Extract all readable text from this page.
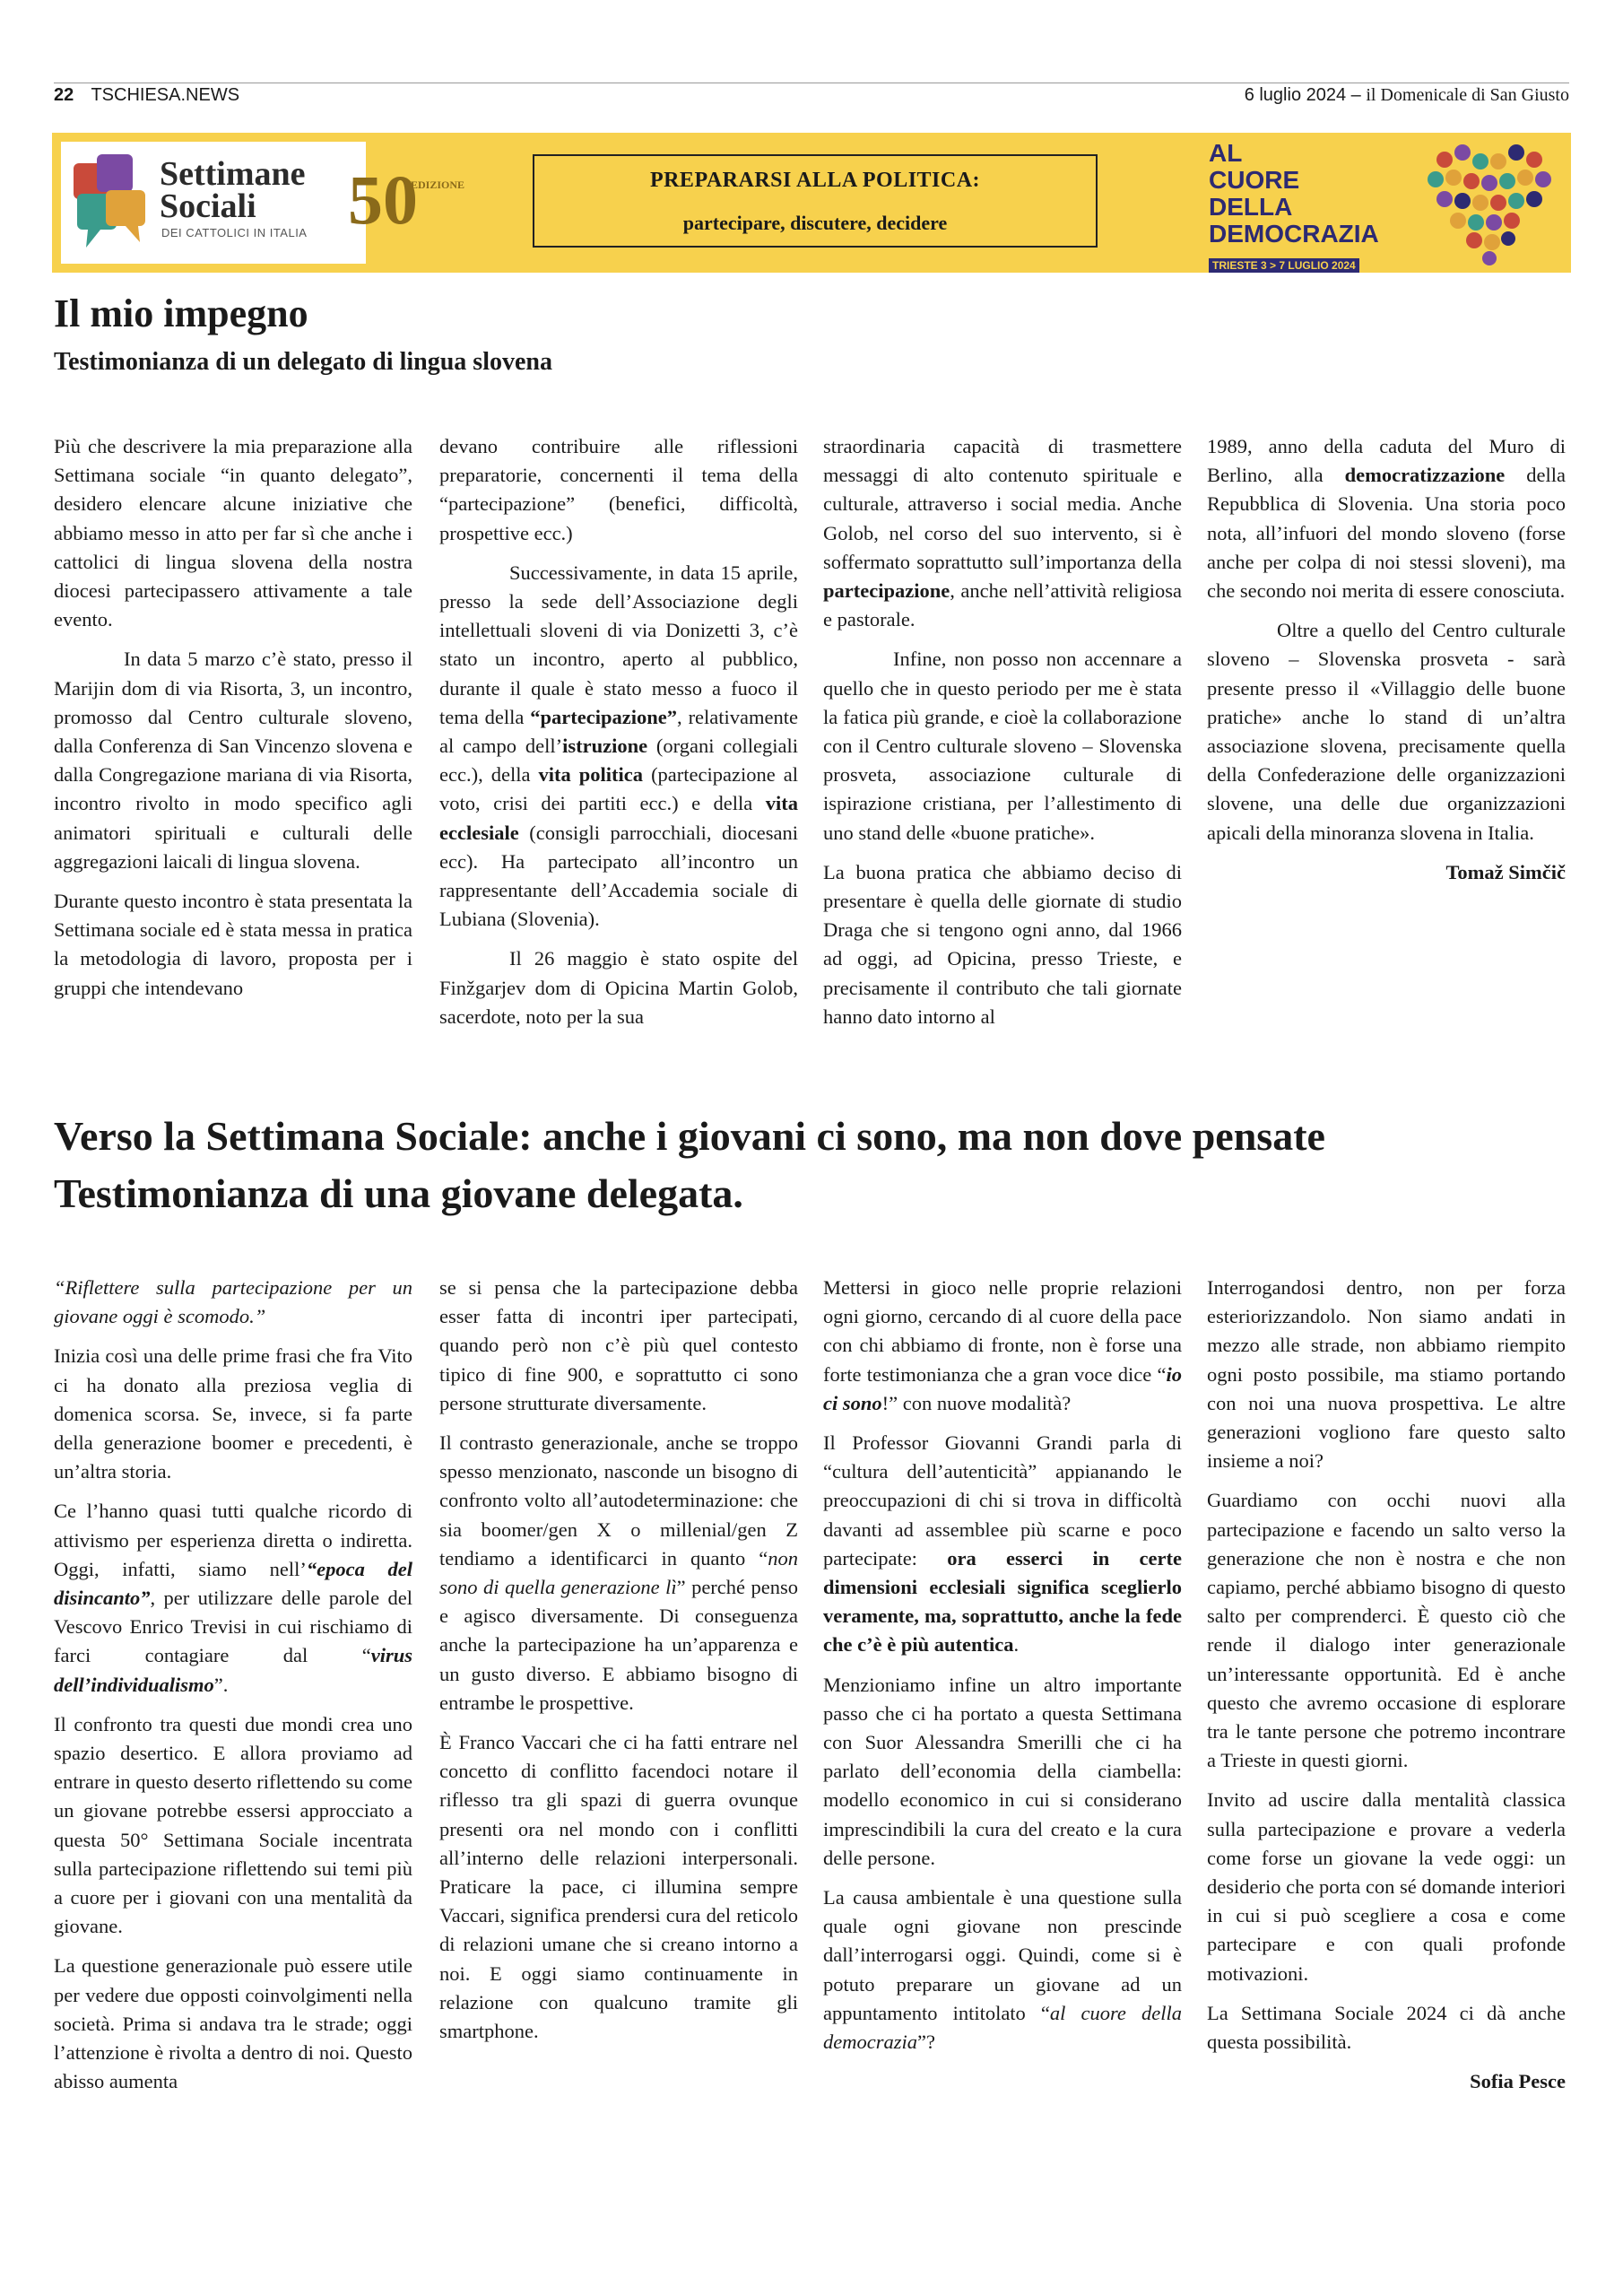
22 TSCHIESA.NEWS	6 luglio 2024 – il Domenicale di San Giusto
Settimane
Sociali
DEI CATTOLICI IN ITALIA 50
EDIZIONE	PREPARARSI ALLA POLITICA:
partecipare, discutere, decidere
AL
CUORE
DELLA
DEMOCRAZIA
TRIESTE 3 > 7 LUGLIO 2024
Il mio impegno
Testimonianza di un delegato di lingua slovena

Più che descrivere la mia preparazione alla Settimana sociale “in quanto delegato”, desidero elencare alcune iniziative che abbiamo messo in atto per far sì che anche i cattolici di lingua slovena della nostra diocesi partecipassero attivamente a tale evento.

In data 5 marzo c’è stato, presso il Marijin dom di via Risorta, 3, un incontro, promosso dal Centro culturale sloveno, dalla Conferenza di San Vincenzo slovena e dalla Congregazione mariana di via Risorta, incontro rivolto in modo specifico agli animatori spirituali e culturali delle aggregazioni laicali di lingua slovena.

Durante questo incontro è stata presentata la Settimana sociale ed è stata messa in pratica la metodologia di lavoro, proposta per i gruppi che intendevano

devano contribuire alle riflessioni preparatorie, concernenti il tema della “partecipazione” (benefici, difficoltà, prospettive ecc.)

Successivamente, in data 15 aprile, presso la sede dell’Associazione degli intellettuali sloveni di via Donizetti 3, c’è stato un incontro, aperto al pubblico, durante il quale è stato messo a fuoco il tema della “partecipazione”, relativamente al campo dell’istruzione (organi collegiali ecc.), della vita politica (partecipazione al voto, crisi dei partiti ecc.) e della vita ecclesiale (consigli parrocchiali, diocesani ecc). Ha partecipato all’incontro un rappresentante dell’Accademia sociale di Lubiana (Slovenia).

Il 26 maggio è stato ospite del Finžgarjev dom di Opicina Martin Golob, sacerdote, noto per la sua

straordinaria capacità di trasmettere messaggi di alto contenuto spirituale e culturale, attraverso i social media. Anche Golob, nel corso del suo intervento, si è soffermato soprattutto sull’importanza della partecipazione, anche nell’attività religiosa e pastorale.

Infine, non posso non accennare a quello che in questo periodo per me è stata la fatica più grande, e cioè la collaborazione con il Centro culturale sloveno – Slovenska prosveta, associazione culturale di ispirazione cristiana, per l’allestimento di uno stand delle «buone pratiche».

La buona pratica che abbiamo deciso di presentare è quella delle giornate di studio Draga che si tengono ogni anno, dal 1966 ad oggi, ad Opicina, presso Trieste, e precisamente il contributo che tali giornate hanno dato intorno al

1989, anno della caduta del Muro di Berlino, alla democratizzazione della Repubblica di Slovenia. Una storia poco nota, all’infuori del mondo sloveno (forse anche per colpa di noi stessi sloveni), ma che secondo noi merita di essere conosciuta.

Oltre a quello del Centro culturale sloveno – Slovenska prosveta - sarà presente presso il «Villaggio delle buone pratiche» anche lo stand di un’altra associazione slovena, precisamente quella della Confederazione delle organizzazioni slovene, una delle due organizzazioni apicali della minoranza slovena in Italia.

Tomaž Simčič
Verso la Settimana Sociale: anche i giovani ci sono, ma non dove pensate
Testimonianza di una giovane delegata.

“Riflettere sulla partecipazione per un giovane oggi è scomodo.”

Inizia così una delle prime frasi che fra Vito ci ha donato alla preziosa veglia di domenica scorsa. Se, invece, si fa parte della generazione boomer e precedenti, è un’altra storia.

Ce l’hanno quasi tutti qualche ricordo di attivismo per esperienza diretta o indiretta. Oggi, infatti, siamo nell’“epoca del disincanto”, per utilizzare delle parole del Vescovo Enrico Trevisi in cui rischiamo di farci contagiare dal “virus dell’individualismo”.

Il confronto tra questi due mondi crea uno spazio desertico. E allora proviamo ad entrare in questo deserto riflettendo su come un giovane potrebbe essersi approcciato a questa 50° Settimana Sociale incentrata sulla partecipazione riflettendo sui temi più a cuore per i giovani con una mentalità da giovane.

La questione generazionale può essere utile per vedere due opposti coinvolgimenti nella società. Prima si andava tra le strade; oggi l’attenzione è rivolta a dentro di noi. Questo abisso aumenta

se si pensa che la partecipazione debba esser fatta di incontri iper partecipati, quando però non c’è più quel contesto tipico di fine 900, e soprattutto ci sono persone strutturate diversamente.

Il contrasto generazionale, anche se troppo spesso menzionato, nasconde un bisogno di confronto volto all’autodeterminazione: che sia boomer/gen X o millenial/gen Z tendiamo a identificarci in quanto “non sono di quella generazione lì” perché penso e agisco diversamente. Di conseguenza anche la partecipazione ha un’apparenza e un gusto diverso. E abbiamo bisogno di entrambe le prospettive.

È Franco Vaccari che ci ha fatti entrare nel concetto di conflitto facendoci notare il riflesso tra gli spazi di guerra ovunque presenti ora nel mondo con i conflitti all’interno delle relazioni interpersonali. Praticare la pace, ci illumina sempre Vaccari, significa prendersi cura del reticolo di relazioni umane che si creano intorno a noi. E oggi siamo continuamente in relazione con qualcuno tramite gli smartphone.

Mettersi in gioco nelle proprie relazioni ogni giorno, cercando di al cuore della pace con chi abbiamo di fronte, non è forse una forte testimonianza che a gran voce dice “io ci sono!” con nuove modalità?

Il Professor Giovanni Grandi parla di “cultura dell’autenticità” appianando le preoccupazioni di chi si trova in difficoltà davanti ad assemblee più scarne e poco partecipate: ora esserci in certe dimensioni ecclesiali significa sceglierlo veramente, ma, soprattutto, anche la fede che c’è è più autentica.

Menzioniamo infine un altro importante passo che ci ha portato a questa Settimana con Suor Alessandra Smerilli che ci ha parlato dell’economia della ciambella: modello economico in cui si considerano imprescindibili la cura del creato e la cura delle persone.

La causa ambientale è una questione sulla quale ogni giovane non prescinde dall’interrogarsi oggi. Quindi, come si è potuto preparare un giovane ad un appuntamento intitolato “al cuore della democrazia”?

Interrogandosi dentro, non per forza esteriorizzandolo. Non siamo andati in mezzo alle strade, non abbiamo riempito ogni posto possibile, ma stiamo portando con noi una nuova prospettiva. Le altre generazioni vogliono fare questo salto insieme a noi?

Guardiamo con occhi nuovi alla partecipazione e facendo un salto verso la generazione che non è nostra e che non capiamo, perché abbiamo bisogno di questo salto per comprenderci. È questo ciò che rende il dialogo inter generazionale un’interessante opportunità. Ed è anche questo che avremo occasione di esplorare tra le tante persone che potremo incontrare a Trieste in questi giorni.

Invito ad uscire dalla mentalità classica sulla partecipazione e provare a vederla come forse un giovane la vede oggi: un desiderio che porta con sé domande interiori in cui si può scegliere a cosa e come partecipare e con quali profonde motivazioni.

La Settimana Sociale 2024 ci dà anche questa possibilità.

Sofia Pesce
